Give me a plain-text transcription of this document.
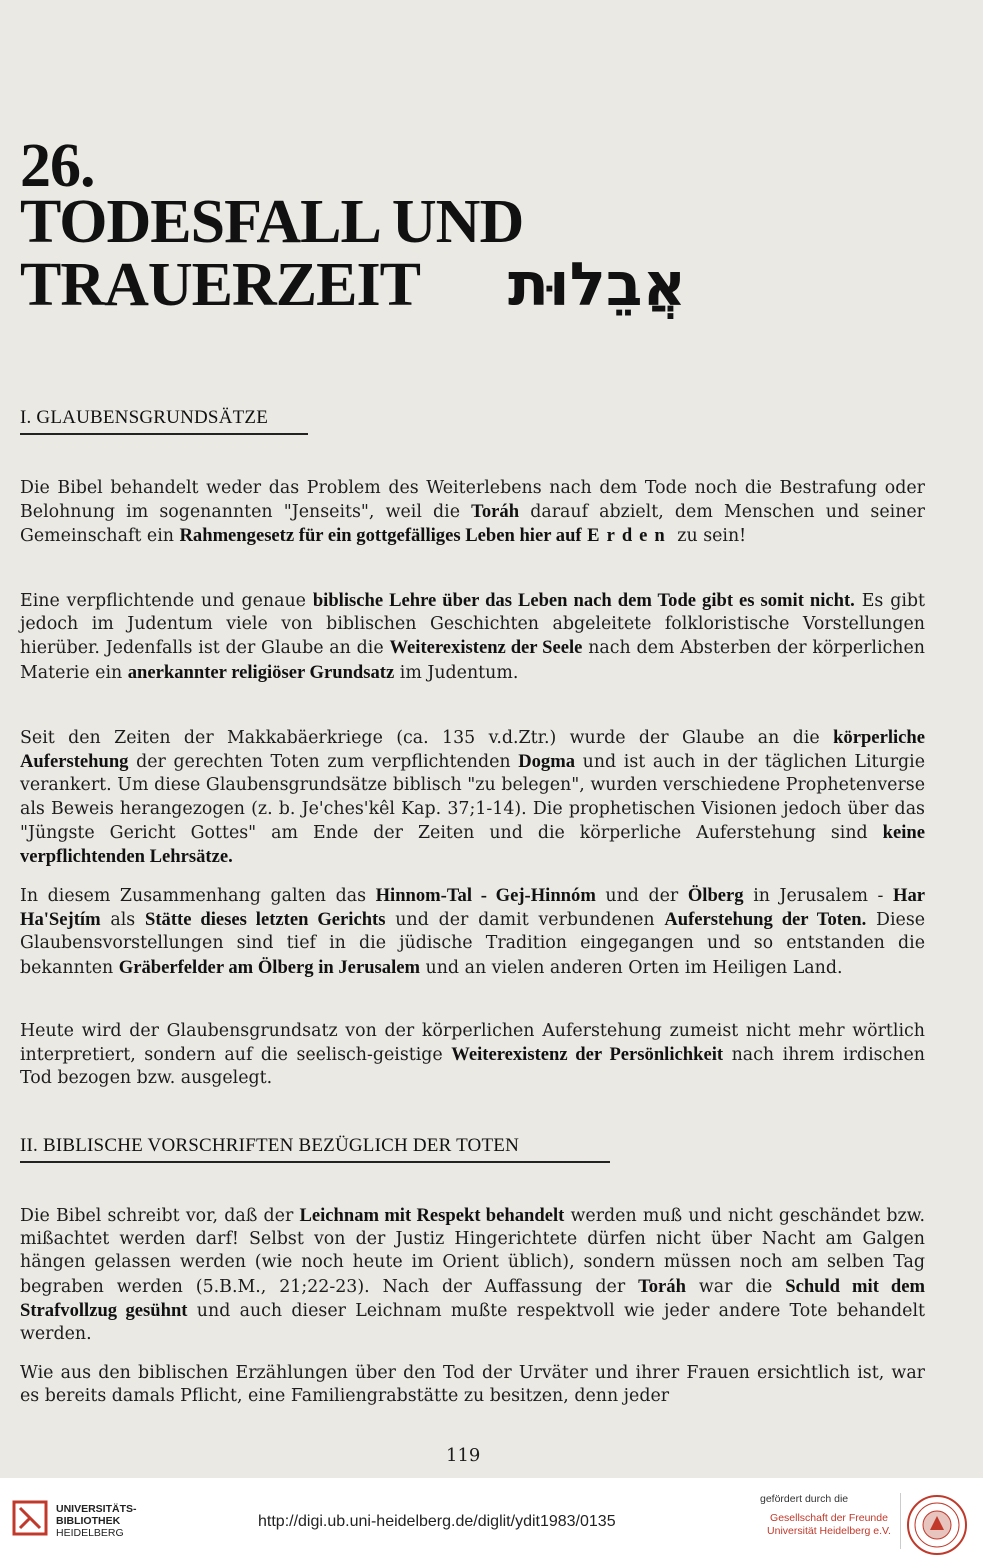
26.
TODESFALL UND
TRAUERZEIT אֲבֵלוּת
I. GLAUBENSGRUNDSÄTZE
Die Bibel behandelt weder das Problem des Weiterlebens nach dem Tode noch die Bestrafung oder Belohnung im sogenannten "Jenseits", weil die Toráh darauf abzielt, dem Menschen und seiner Gemeinschaft ein Rahmengesetz für ein gottgefälliges Leben hier auf Erden zu sein!
Eine verpflichtende und genaue biblische Lehre über das Leben nach dem Tode gibt es somit nicht. Es gibt jedoch im Judentum viele von biblischen Geschichten abgeleitete folkloristische Vorstellungen hierüber. Jedenfalls ist der Glaube an die Weiterexistenz der Seele nach dem Absterben der körperlichen Materie ein anerkannter religiöser Grundsatz im Judentum.
Seit den Zeiten der Makkabäerkriege (ca. 135 v.d.Ztr.) wurde der Glaube an die körperliche Auferstehung der gerechten Toten zum verpflichtenden Dogma und ist auch in der täglichen Liturgie verankert. Um diese Glaubensgrundsätze biblisch "zu belegen", wurden verschiedene Prophetenverse als Beweis herangezogen (z. b. Je'ches'kêl Kap. 37;1-14). Die prophetischen Visionen jedoch über das "Jüngste Gericht Gottes" am Ende der Zeiten und die körperliche Auferstehung sind keine verpflichtenden Lehrsätze.
In diesem Zusammenhang galten das Hinnom-Tal - Gej-Hinnóm und der Ölberg in Jerusalem - Har Ha'Sejtím als Stätte dieses letzten Gerichts und der damit verbundenen Auferstehung der Toten. Diese Glaubensvorstellungen sind tief in die jüdische Tradition eingegangen und so entstanden die bekannten Gräberfelder am Ölberg in Jerusalem und an vielen anderen Orten im Heiligen Land.
Heute wird der Glaubensgrundsatz von der körperlichen Auferstehung zumeist nicht mehr wörtlich interpretiert, sondern auf die seelisch-geistige Weiterexistenz der Persönlichkeit nach ihrem irdischen Tod bezogen bzw. ausgelegt.
II. BIBLISCHE VORSCHRIFTEN BEZÜGLICH DER TOTEN
Die Bibel schreibt vor, daß der Leichnam mit Respekt behandelt werden muß und nicht geschändet bzw. mißachtet werden darf! Selbst von der Justiz Hingerichtete dürfen nicht über Nacht am Galgen hängen gelassen werden (wie noch heute im Orient üblich), sondern müssen noch am selben Tag begraben werden (5.B.M., 21;22-23). Nach der Auffassung der Toráh war die Schuld mit dem Strafvollzug gesühnt und auch dieser Leichnam mußte respektvoll wie jeder andere Tote behandelt werden.
Wie aus den biblischen Erzählungen über den Tod der Urväter und ihrer Frauen ersichtlich ist, war es bereits damals Pflicht, eine Familiengrabstätte zu besitzen, denn jeder
119
UNIVERSITÄTS-
BIBLIOTHEK
HEIDELBERG
http://digi.ub.uni-heidelberg.de/diglit/ydit1983/0135
gefördert durch die
Gesellschaft der Freunde
Universität Heidelberg e.V.
